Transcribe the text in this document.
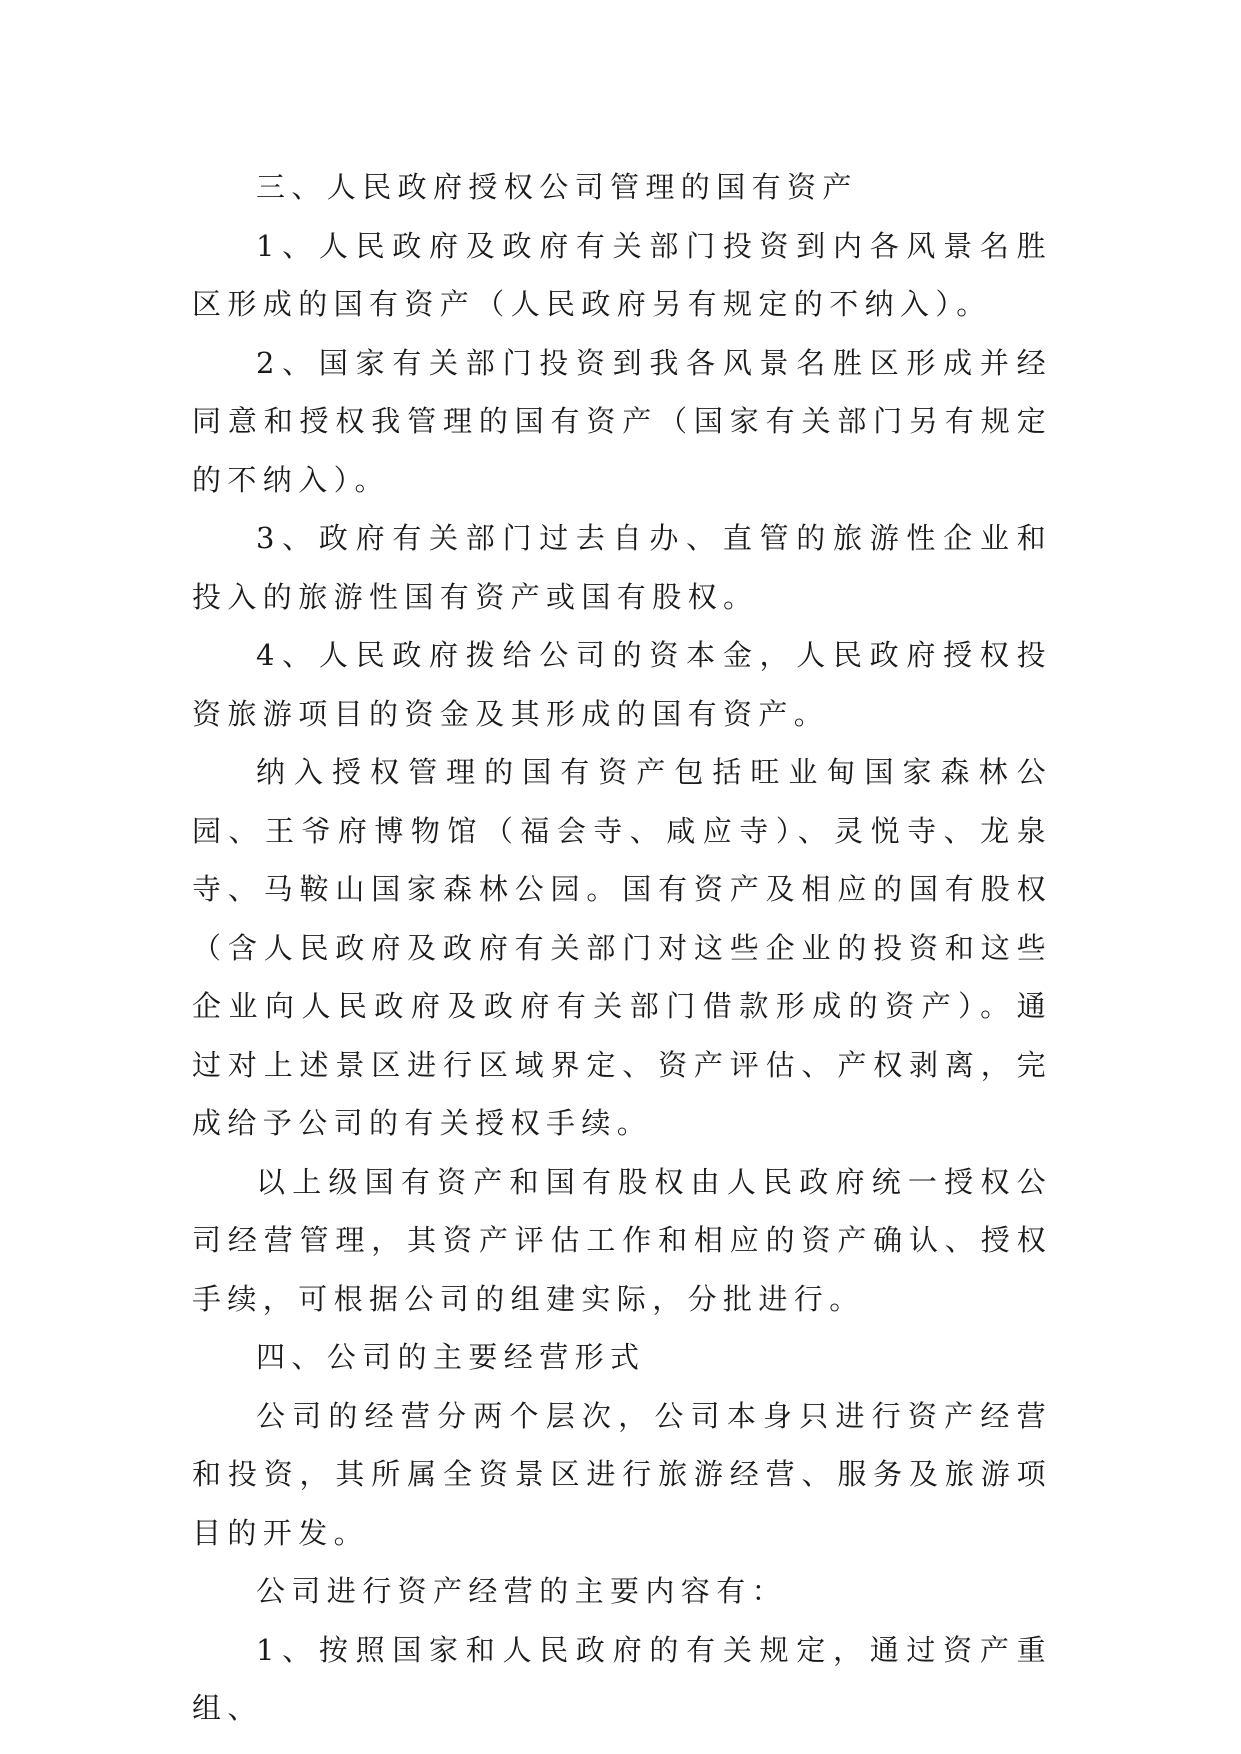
三、人民政府授权公司管理的国有资产

1、人民政府及政府有关部门投资到内各风景名胜区形成的国有资产（人民政府另有规定的不纳入）。

2、国家有关部门投资到我各风景名胜区形成并经同意和授权我管理的国有资产（国家有关部门另有规定的不纳入）。

3、政府有关部门过去自办、直管的旅游性企业和投入的旅游性国有资产或国有股权。

4、人民政府拨给公司的资本金，人民政府授权投资旅游项目的资金及其形成的国有资产。

纳入授权管理的国有资产包括旺业甸国家森林公园、王爷府博物馆（福会寺、咸应寺）、灵悦寺、龙泉寺、马鞍山国家森林公园。国有资产及相应的国有股权（含人民政府及政府有关部门对这些企业的投资和这些企业向人民政府及政府有关部门借款形成的资产）。通过对上述景区进行区域界定、资产评估、产权剥离，完成给予公司的有关授权手续。

以上级国有资产和国有股权由人民政府统一授权公司经营管理，其资产评估工作和相应的资产确认、授权手续，可根据公司的组建实际，分批进行。

四、公司的主要经营形式

公司的经营分两个层次，公司本身只进行资产经营和投资，其所属全资景区进行旅游经营、服务及旅游项目的开发。

公司进行资产经营的主要内容有：

1、按照国家和人民政府的有关规定，通过资产重组、
